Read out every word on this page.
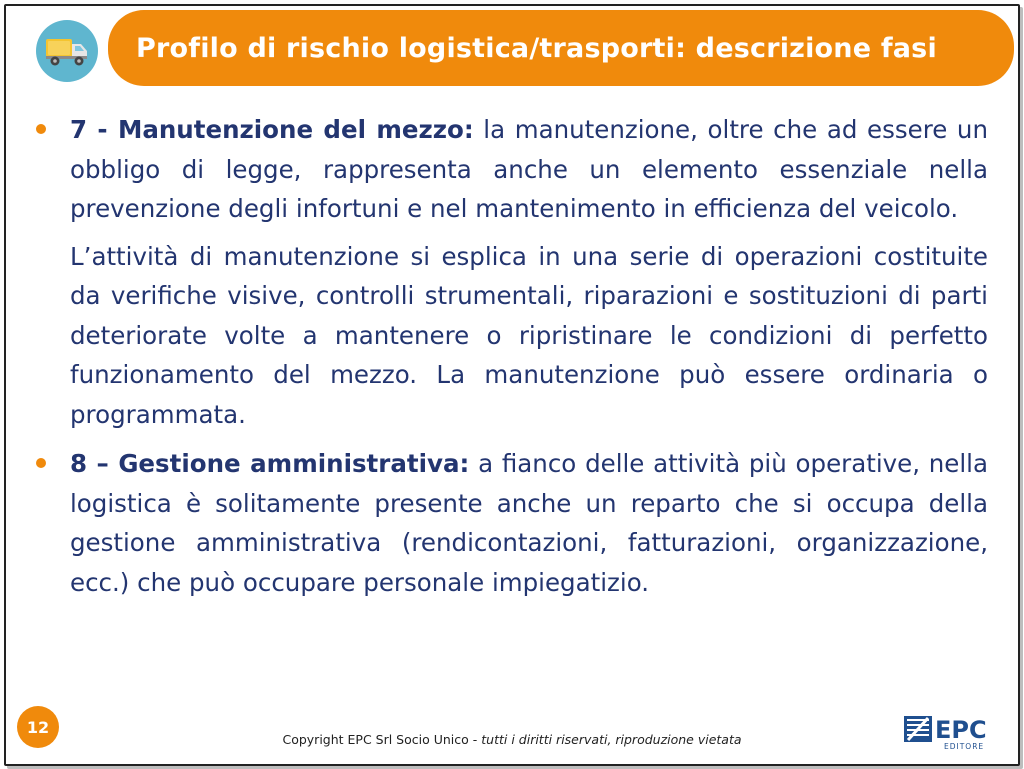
Profilo di rischio logistica/trasporti: descrizione fasi

7 - Manutenzione del mezzo: la manutenzione, oltre che ad essere un obbligo di legge, rappresenta anche un elemento essenziale nella prevenzione degli infortuni e nel mantenimento in efficienza del veicolo.

L’attività di manutenzione si esplica in una serie di operazioni costituite da verifiche visive, controlli strumentali, riparazioni e sostituzioni di parti deteriorate volte a mantenere o ripristinare le condizioni di perfetto funzionamento del mezzo. La manutenzione può essere ordinaria o programmata.

8 – Gestione amministrativa: a fianco delle attività più operative, nella logistica è solitamente presente anche un reparto che si occupa della gestione amministrativa (rendicontazioni, fatturazioni, organizzazione, ecc.) che può occupare personale impiegatizio.

12
Copyright EPC Srl Socio Unico - tutti i diritti riservati, riproduzione vietata	EPC
EDITORE
